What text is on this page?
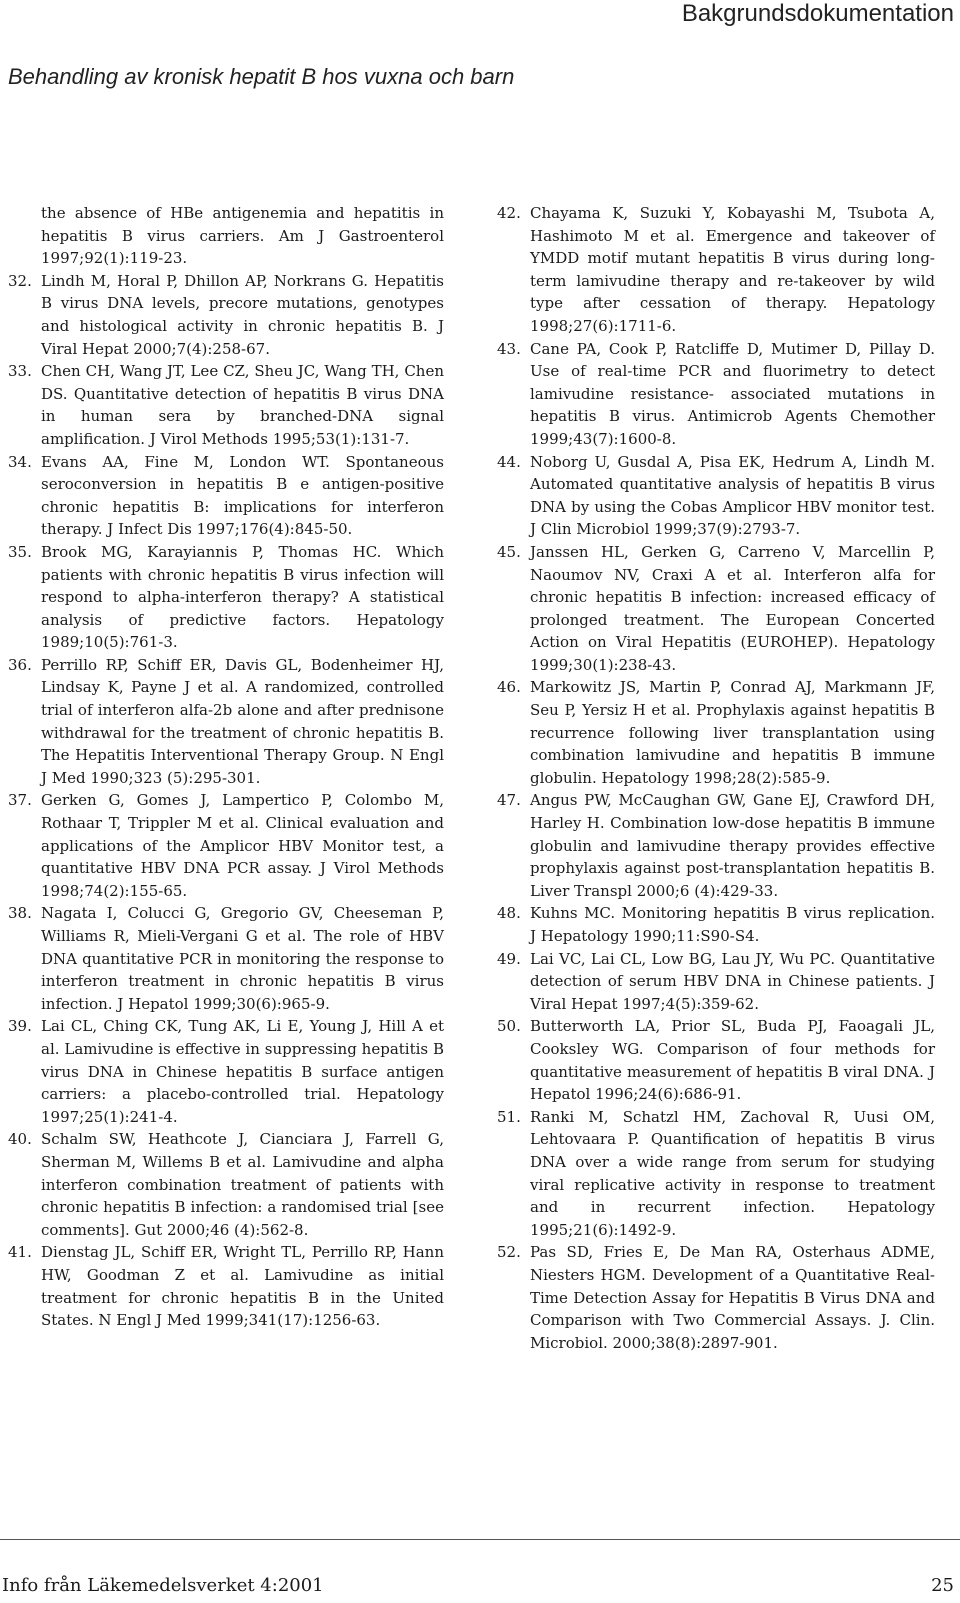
Bakgrundsdokumentation
Behandling av kronisk hepatit B hos vuxna och barn
the absence of HBe antigenemia and hepatitis in hepatitis B virus carriers. Am J Gastroenterol 1997;92(1):119-23.
32. Lindh M, Horal P, Dhillon AP, Norkrans G. Hepatitis B virus DNA levels, precore mutations, genotypes and histological activity in chronic hepatitis B. J Viral Hepat 2000;7(4):258-67.
33. Chen CH, Wang JT, Lee CZ, Sheu JC, Wang TH, Chen DS. Quantitative detection of hepatitis B virus DNA in human sera by branched-DNA signal amplification. J Virol Methods 1995;53(1):131-7.
34. Evans AA, Fine M, London WT. Spontaneous seroconversion in hepatitis B e antigen-positive chronic hepatitis B: implications for interferon therapy. J Infect Dis 1997;176(4):845-50.
35. Brook MG, Karayiannis P, Thomas HC. Which patients with chronic hepatitis B virus infection will respond to alpha-interferon therapy? A statistical analysis of predictive factors. Hepatology 1989;10(5):761-3.
36. Perrillo RP, Schiff ER, Davis GL, Bodenheimer HJ, Lindsay K, Payne J et al. A randomized, controlled trial of interferon alfa-2b alone and after prednisone withdrawal for the treatment of chronic hepatitis B. The Hepatitis Interventional Therapy Group. N Engl J Med 1990;323 (5):295-301.
37. Gerken G, Gomes J, Lampertico P, Colombo M, Rothaar T, Trippler M et al. Clinical evaluation and applications of the Amplicor HBV Monitor test, a quantitative HBV DNA PCR assay. J Virol Methods 1998;74(2):155-65.
38. Nagata I, Colucci G, Gregorio GV, Cheeseman P, Williams R, Mieli-Vergani G et al. The role of HBV DNA quantitative PCR in monitoring the response to interferon treatment in chronic hepatitis B virus infection. J Hepatol 1999;30(6):965-9.
39. Lai CL, Ching CK, Tung AK, Li E, Young J, Hill A et al. Lamivudine is effective in suppressing hepatitis B virus DNA in Chinese hepatitis B surface antigen carriers: a placebo-controlled trial. Hepatology 1997;25(1):241-4.
40. Schalm SW, Heathcote J, Cianciara J, Farrell G, Sherman M, Willems B et al. Lamivudine and alpha interferon combination treatment of patients with chronic hepatitis B infection: a randomised trial [see comments]. Gut 2000;46 (4):562-8.
41. Dienstag JL, Schiff ER, Wright TL, Perrillo RP, Hann HW, Goodman Z et al. Lamivudine as initial treatment for chronic hepatitis B in the United States. N Engl J Med 1999;341(17):1256-63.
42. Chayama K, Suzuki Y, Kobayashi M, Tsubota A, Hashimoto M et al. Emergence and takeover of YMDD motif mutant hepatitis B virus during long-term lamivudine therapy and re-takeover by wild type after cessation of therapy. Hepatology 1998;27(6):1711-6.
43. Cane PA, Cook P, Ratcliffe D, Mutimer D, Pillay D. Use of real-time PCR and fluorimetry to detect lamivudine resistance- associated mutations in hepatitis B virus. Antimicrob Agents Chemother 1999;43(7):1600-8.
44. Noborg U, Gusdal A, Pisa EK, Hedrum A, Lindh M. Automated quantitative analysis of hepatitis B virus DNA by using the Cobas Amplicor HBV monitor test. J Clin Microbiol 1999;37(9):2793-7.
45. Janssen HL, Gerken G, Carreno V, Marcellin P, Naoumov NV, Craxi A et al. Interferon alfa for chronic hepatitis B infection: increased efficacy of prolonged treatment. The European Concerted Action on Viral Hepatitis (EUROHEP). Hepatology 1999;30(1):238-43.
46. Markowitz JS, Martin P, Conrad AJ, Markmann JF, Seu P, Yersiz H et al. Prophylaxis against hepatitis B recurrence following liver transplantation using combination lamivudine and hepatitis B immune globulin. Hepatology 1998;28(2):585-9.
47. Angus PW, McCaughan GW, Gane EJ, Crawford DH, Harley H. Combination low-dose hepatitis B immune globulin and lamivudine therapy provides effective prophylaxis against post-transplantation hepatitis B. Liver Transpl 2000;6 (4):429-33.
48. Kuhns MC. Monitoring hepatitis B virus replication. J Hepatology 1990;11:S90-S4.
49. Lai VC, Lai CL, Low BG, Lau JY, Wu PC. Quantitative detection of serum HBV DNA in Chinese patients. J Viral Hepat 1997;4(5):359-62.
50. Butterworth LA, Prior SL, Buda PJ, Faoagali JL, Cooksley WG. Comparison of four methods for quantitative measurement of hepatitis B viral DNA. J Hepatol 1996;24(6):686-91.
51. Ranki M, Schatzl HM, Zachoval R, Uusi OM, Lehtovaara P. Quantification of hepatitis B virus DNA over a wide range from serum for studying viral replicative activity in response to treatment and in recurrent infection. Hepatology 1995;21(6):1492-9.
52. Pas SD, Fries E, De Man RA, Osterhaus ADME, Niesters HGM. Development of a Quantitative Real-Time Detection Assay for Hepatitis B Virus DNA and Comparison with Two Commercial Assays. J. Clin. Microbiol. 2000;38(8):2897-901.
Info från Läkemedelsverket 4:2001	25
